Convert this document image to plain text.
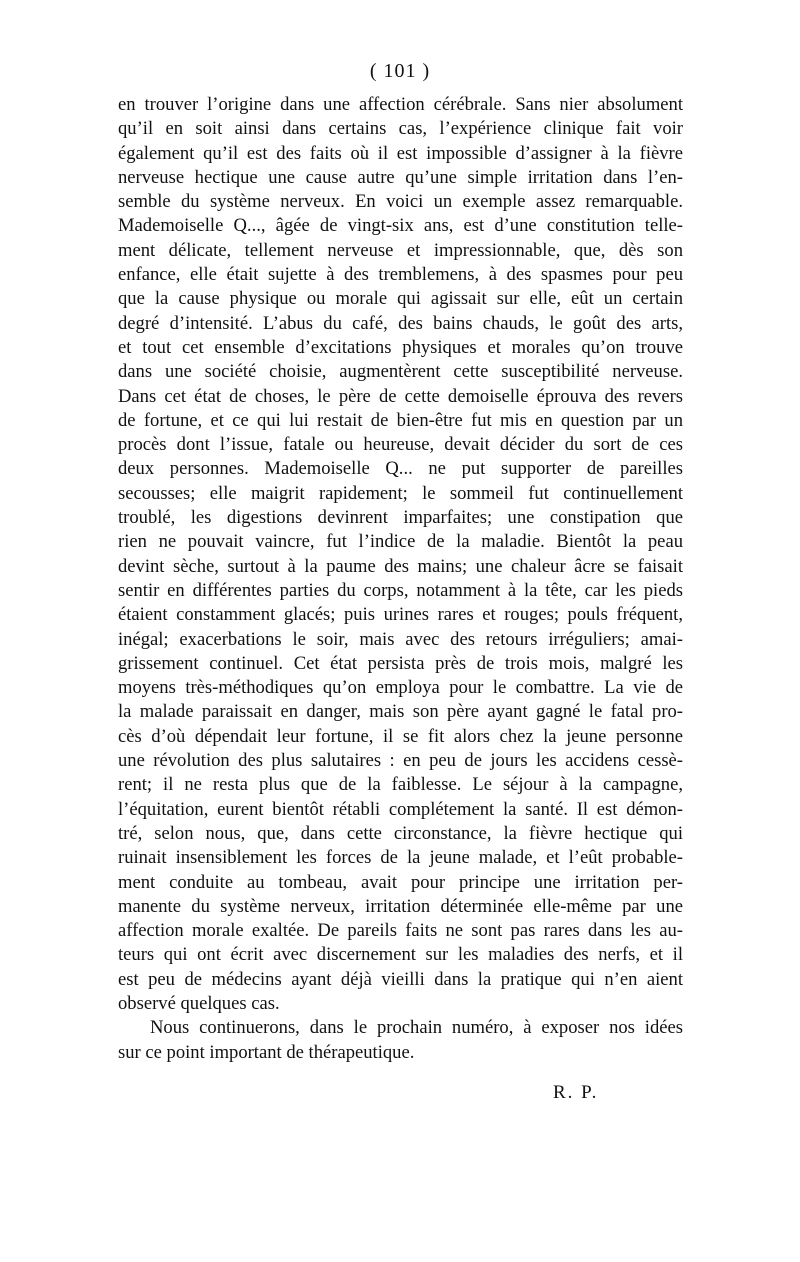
( 101 )
en trouver l’origine dans une affection cérébrale. Sans nier absolument
qu’il en soit ainsi dans certains cas, l’expérience clinique fait voir
également qu’il est des faits où il est impossible d’assigner à la fièvre
nerveuse hectique une cause autre qu’une simple irritation dans l’en-
semble du système nerveux. En voici un exemple assez remarquable.
Mademoiselle Q..., âgée de vingt-six ans, est d’une constitution telle-
ment délicate, tellement nerveuse et impressionnable, que, dès son
enfance, elle était sujette à des tremblemens, à des spasmes pour peu
que la cause physique ou morale qui agissait sur elle, eût un certain
degré d’intensité. L’abus du café, des bains chauds, le goût des arts,
et tout cet ensemble d’excitations physiques et morales qu’on trouve
dans une société choisie, augmentèrent cette susceptibilité nerveuse.
Dans cet état de choses, le père de cette demoiselle éprouva des revers
de fortune, et ce qui lui restait de bien-être fut mis en question par un
procès dont l’issue, fatale ou heureuse, devait décider du sort de ces
deux personnes. Mademoiselle Q... ne put supporter de pareilles
secousses; elle maigrit rapidement; le sommeil fut continuellement
troublé, les digestions devinrent imparfaites; une constipation que
rien ne pouvait vaincre, fut l’indice de la maladie. Bientôt la peau
devint sèche, surtout à la paume des mains; une chaleur âcre se faisait
sentir en différentes parties du corps, notamment à la tête, car les pieds
étaient constamment glacés; puis urines rares et rouges; pouls fréquent,
inégal; exacerbations le soir, mais avec des retours irréguliers; amai-
grissement continuel. Cet état persista près de trois mois, malgré les
moyens très-méthodiques qu’on employa pour le combattre. La vie de
la malade paraissait en danger, mais son père ayant gagné le fatal pro-
cès d’où dépendait leur fortune, il se fit alors chez la jeune personne
une révolution des plus salutaires : en peu de jours les accidens cessè-
rent; il ne resta plus que de la faiblesse. Le séjour à la campagne,
l’équitation, eurent bientôt rétabli complétement la santé. Il est démon-
tré, selon nous, que, dans cette circonstance, la fièvre hectique qui
ruinait insensiblement les forces de la jeune malade, et l’eût probable-
ment conduite au tombeau, avait pour principe une irritation per-
manente du système nerveux, irritation déterminée elle-même par une
affection morale exaltée. De pareils faits ne sont pas rares dans les au-
teurs qui ont écrit avec discernement sur les maladies des nerfs, et il
est peu de médecins ayant déjà vieilli dans la pratique qui n’en aient
observé quelques cas.
Nous continuerons, dans le prochain numéro, à exposer nos idées
sur ce point important de thérapeutique.
R. P.
